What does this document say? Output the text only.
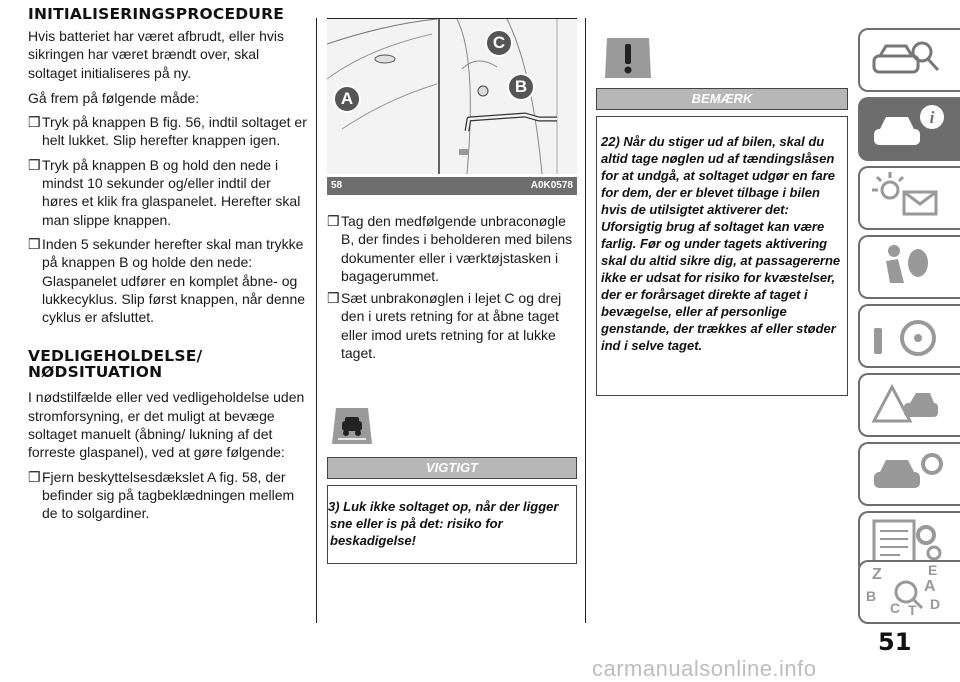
INITIALISERINGSPROCEDURE

Hvis batteriet har været afbrudt, eller hvis sikringen har været brændt over, skal soltaget initialiseres på ny.

Gå frem på følgende måde:

❒ Tryk på knappen B fig. 56, indtil soltaget er helt lukket. Slip herefter knappen igen.
❒ Tryk på knappen B og hold den nede i mindst 10 sekunder og/eller indtil der høres et klik fra glaspanelet. Herefter skal man slippe knappen.
❒ Inden 5 sekunder herefter skal man trykke på knappen B og holde den nede: Glaspanelet udfører en komplet åbne- og lukkecyklus. Slip først knappen, når denne cyklus er afsluttet.
VEDLIGEHOLDELSE/
NØDSITUATION

I nødstilfælde eller ved vedligeholdelse uden stromforsyning, er det muligt at bevæge soltaget manuelt (åbning/ lukning af det forreste glaspanel), ved at gøre følgende:

❒ Fjern beskyttelsesdækslet A fig. 58, der befinder sig på tagbeklædningen mellem de to solgardiner.
A
C
B
58	A0K0578
❒ Tag den medfølgende unbraconøgle B, der findes i beholderen med bilens dokumenter eller i værktøjstasken i bagagerummet.
❒ Sæt unbrakonøglen i lejet C og drej den i urets retning for at åbne taget eller imod urets retning for at lukke taget.
VIGTIGT
3) Luk ikke soltaget op, når der ligger sne eller is på det: risiko for beskadigelse!
BEMÆRK
22) Når du stiger ud af bilen, skal du altid tage nøglen ud af tændingslåsen for at undgå, at soltaget udgør en fare for dem, der er blevet tilbage i bilen hvis de utilsigtet aktiverer det: Uforsigtig brug af soltaget kan være farlig. Før og under tagets aktivering skal du altid sikre dig, at passagererne ikke er udsat for risiko for kvæstelser, der er forårsaget direkte af taget i bevægelse, eller af personlige genstande, der trækkes af eller støder ind i selve taget.
i
Z	E
A
B
C T D
51
carmanualsonline.info
